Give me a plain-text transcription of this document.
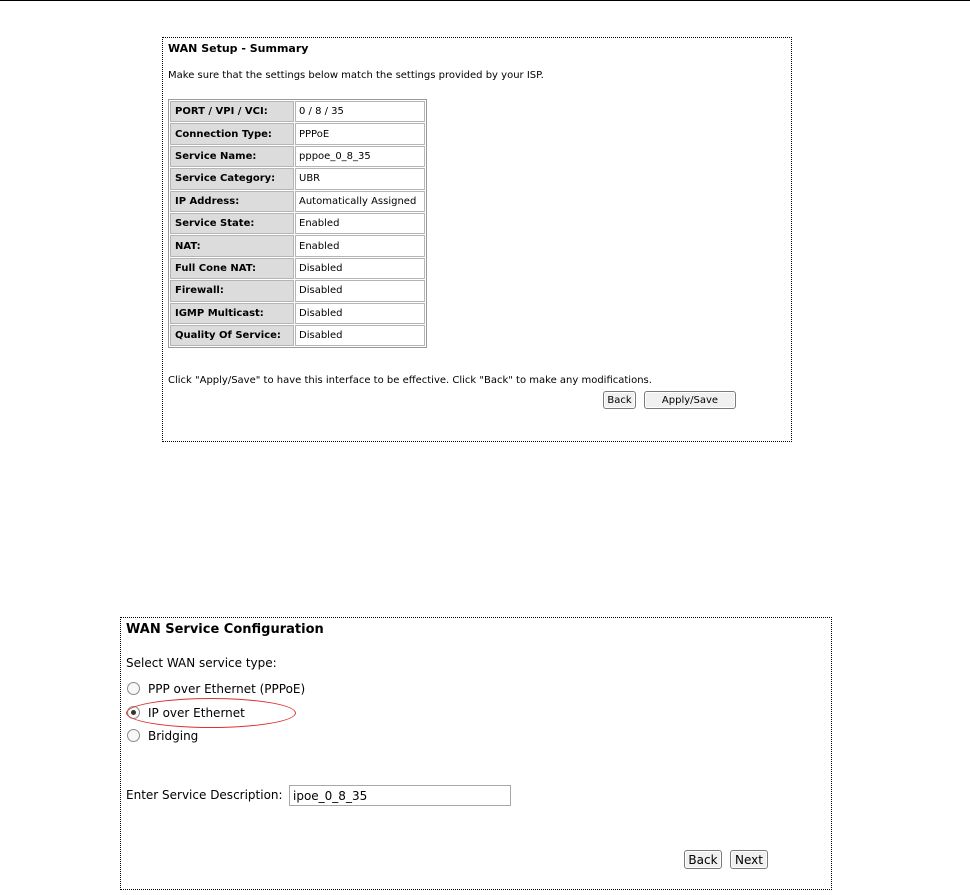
WAN Setup - Summary
Make sure that the settings below match the settings provided by your ISP.
PORT / VPI / VCI:	0 / 8 / 35
Connection Type:	PPPoE
Service Name:	pppoe_0_8_35
Service Category:	UBR
IP Address:	Automatically Assigned
Service State:	Enabled
NAT:	Enabled
Full Cone NAT:	Disabled
Firewall:	Disabled
IGMP Multicast:	Disabled
Quality Of Service:	Disabled
Click "Apply/Save" to have this interface to be effective. Click "Back" to make any modifications.
Back	Apply/Save
WAN Service Configuration
Select WAN service type:
PPP over Ethernet (PPPoE)
IP over Ethernet
Bridging
Enter Service Description:
ipoe_0_8_35
Back	Next
